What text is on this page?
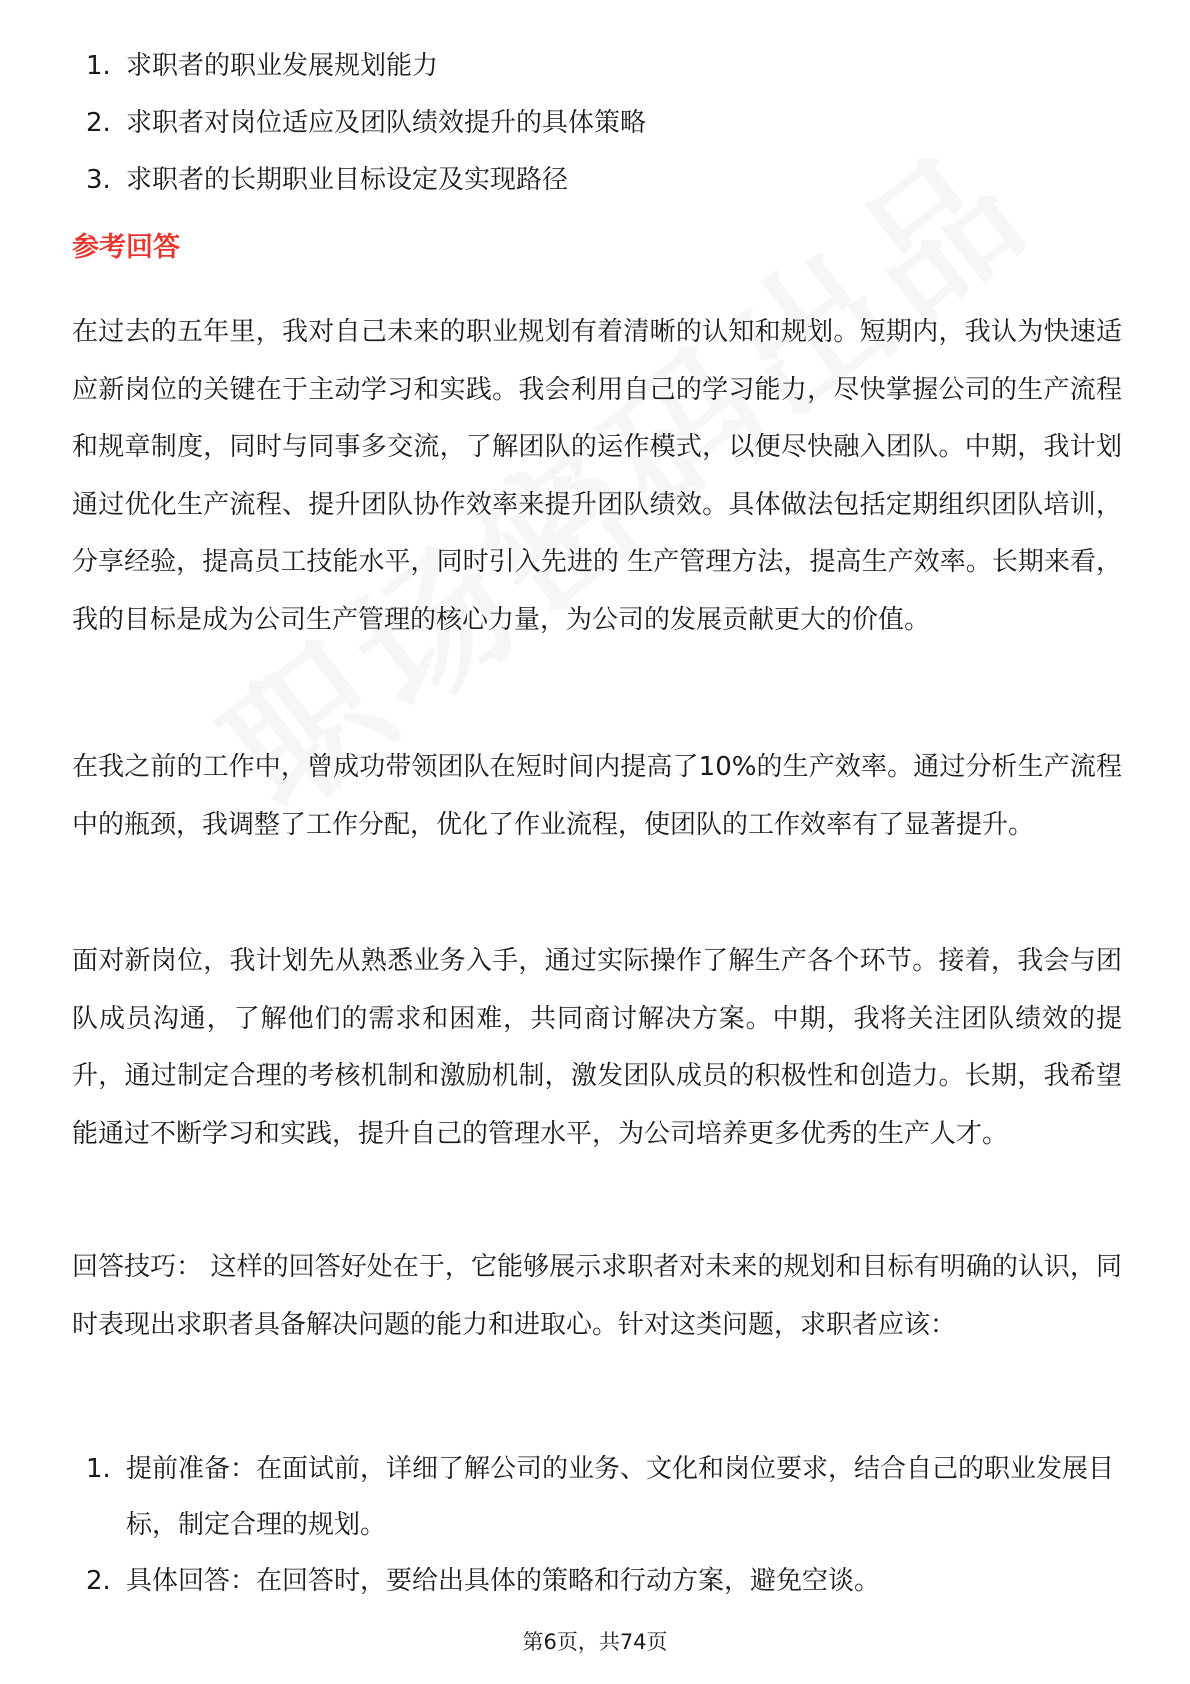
1. 求职者的职业发展规划能力
2. 求职者对岗位适应及团队绩效提升的具体策略
3. 求职者的长期职业目标设定及实现路径
参考回答

在过去的五年里，我对自己未来的职业规划有着清晰的认知和规划。短期内，我认为快速适应新岗位的关键在于主动学习和实践。我会利用自己的学习能力，尽快掌握公司的生产流程和规章制度，同时与同事多交流，了解团队的运作模式，以便尽快融入团队。中期，我计划通过优化生产流程、提升团队协作效率来提升团队绩效。具体做法包括定期组织团队培训，分享经验，提高员工技能水平，同时引入先进的 生产管理方法，提高生产效率。长期来看，我的目标是成为公司生产管理的核心力量，为公司的发展贡献更大的价值。

在我之前的工作中，曾成功带领团队在短时间内提高了10%的生产效率。通过分析生产流程中的瓶颈，我调整了工作分配，优化了作业流程，使团队的工作效率有了显著提升。

面对新岗位，我计划先从熟悉业务入手，通过实际操作了解生产各个环节。接着，我会与团队成员沟通，了解他们的需求和困难，共同商讨解决方案。中期，我将关注团队绩效的提升，通过制定合理的考核机制和激励机制，激发团队成员的积极性和创造力。长期，我希望能通过不断学习和实践，提升自己的管理水平，为公司培养更多优秀的生产人才。

回答技巧： 这样的回答好处在于，它能够展示求职者对未来的规划和目标有明确的认识，同时表现出求职者具备解决问题的能力和进取心。针对这类问题，求职者应该：

1. 提前准备：在面试前，详细了解公司的业务、文化和岗位要求，结合自己的职业发展目标，制定合理的规划。
2. 具体回答：在回答时，要给出具体的策略和行动方案，避免空谈。
第6页，共74页
